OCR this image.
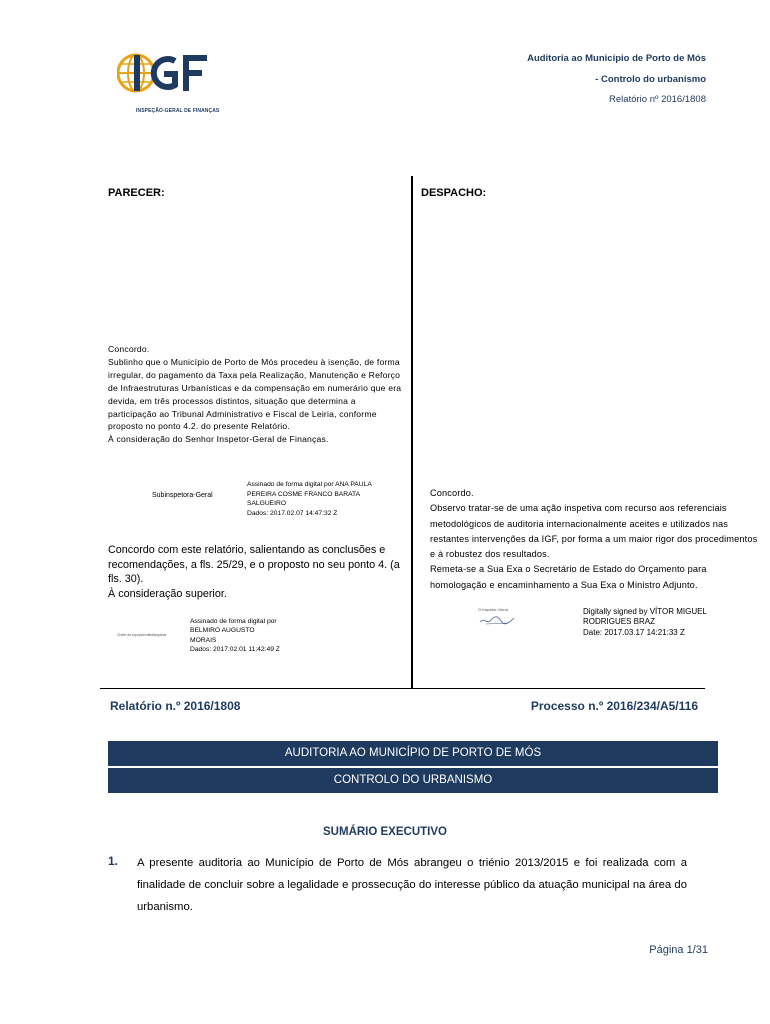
INSPEÇÃO-GERAL DE FINANÇAS
Auditoria ao Município de Porto de Mós
- Controlo do urbanismo
Relatório nº 2016/1808
PARECER:	DESPACHO:
Concordo.
Sublinho que o Município de Porto de Mós procedeu à isenção, de forma irregular, do pagamento da Taxa pela Realização, Manutenção e Reforço de Infraestruturas Urbanísticas e da compensação em numerário que era devida, em três processos distintos, situação que determina a participação ao Tribunal Administrativo e Fiscal de Leiria, conforme proposto no ponto 4.2. do presente Relatório.
À consideração do Senhor Inspetor-Geral de Finanças.
Subinspetora-Geral
Assinado de forma digital por ANA PAULA PEREIRA COSME FRANCO BARATA SALGUEIRO
Dados: 2017.02.07 14:47:32 Z
Concordo com este relatório, salientando as conclusões e recomendações, a fls. 25/29, e o proposto no seu ponto 4. (a fls. 30).
À consideração superior.
Chefe de equipa/multidisciplinar
Assinado de forma digital por BELMIRO AUGUSTO MORAIS
Dados: 2017.02.01 11:42:49 Z
Concordo.
Observo tratar-se de uma ação inspetiva com recurso aos referenciais metodológicos de auditoria internacionalmente aceites e utilizados nas restantes intervenções da IGF, por forma a um maior rigor dos procedimentos e à robustez dos resultados.
Remeta-se a Sua Exa o Secretário de Estado do Orçamento para homologação e encaminhamento a Sua Exa o Ministro Adjunto.
O Inspetor-Geral,	Digitally signed by VÍTOR MIGUEL RODRIGUES BRAZ
Date: 2017.03.17 14:21:33 Z
Relatório n.º 2016/1808	Processo n.º 2016/234/A5/116
AUDITORIA AO MUNICÍPIO DE PORTO DE MÓS
CONTROLO DO URBANISMO
SUMÁRIO EXECUTIVO
1. A presente auditoria ao Município de Porto de Mós abrangeu o triénio 2013/2015 e foi realizada com a finalidade de concluir sobre a legalidade e prossecução do interesse público da atuação municipal na área do urbanismo.
Página 1/31
